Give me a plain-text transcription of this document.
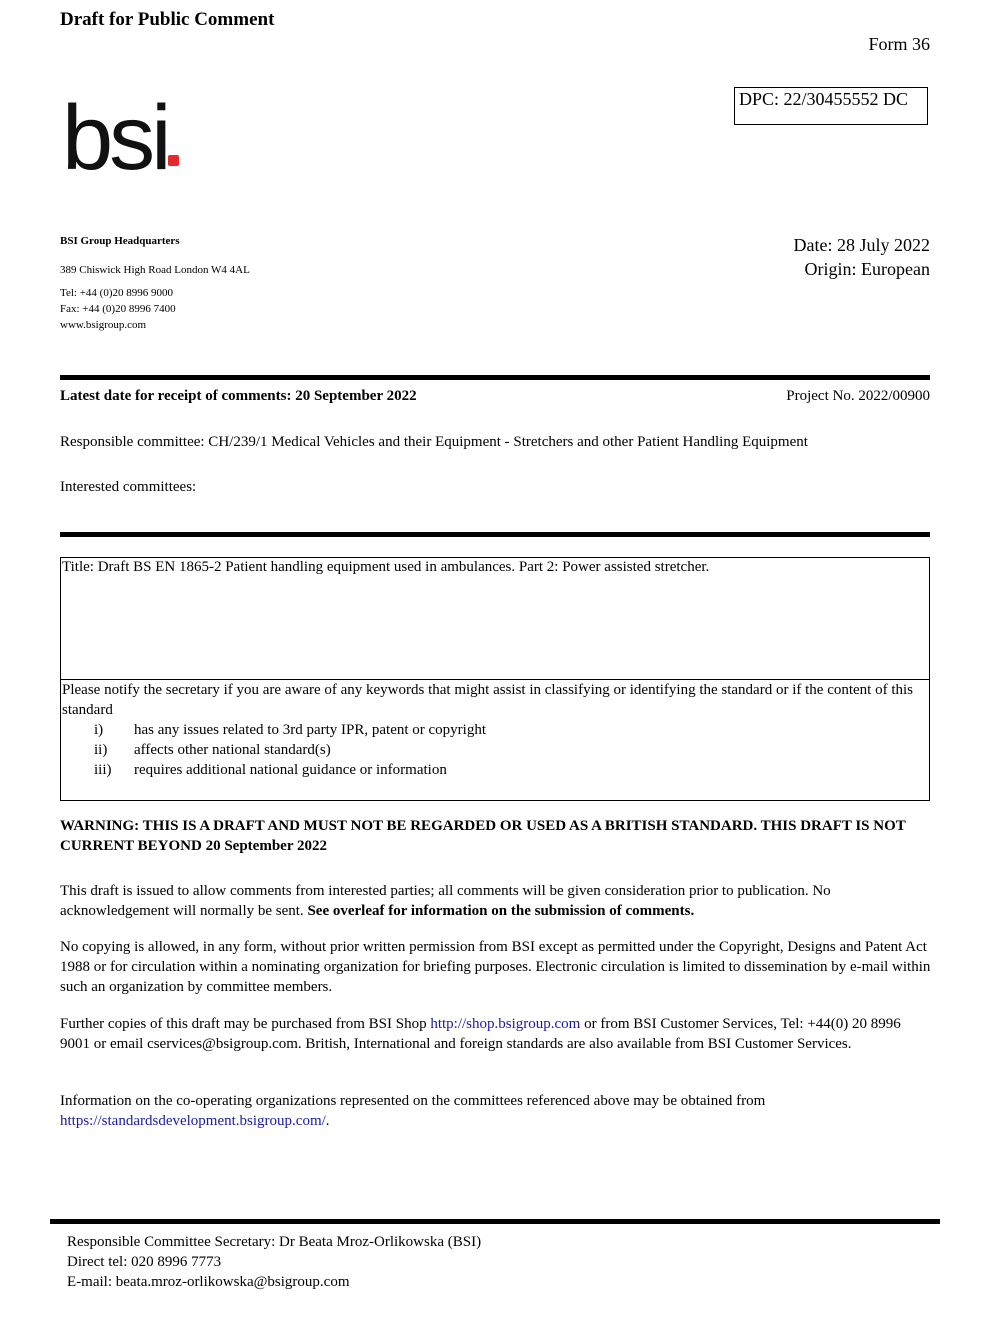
Draft for Public Comment
Form 36
DPC: 22/30455552 DC
bsi
BSI Group Headquarters
389 Chiswick High Road London W4 4AL
Tel: +44 (0)20 8996 9000
Fax: +44 (0)20 8996 7400
www.bsigroup.com
Date: 28 July 2022
Origin: European
Latest date for receipt of comments: 20 September 2022	Project No. 2022/00900
Responsible committee: CH/239/1 Medical Vehicles and their Equipment - Stretchers and other Patient Handling Equipment
Interested committees:
Title: Draft BS EN 1865-2 Patient handling equipment used in ambulances. Part 2: Power assisted stretcher.
Please notify the secretary if you are aware of any keywords that might assist in classifying or identifying the standard or if the content of this standard
i)	has any issues related to 3rd party IPR, patent or copyright
ii)	affects other national standard(s)
iii)	requires additional national guidance or information
WARNING: THIS IS A DRAFT AND MUST NOT BE REGARDED OR USED AS A BRITISH STANDARD. THIS DRAFT IS NOT CURRENT BEYOND 20 September 2022
This draft is issued to allow comments from interested parties; all comments will be given consideration prior to publication. No acknowledgement will normally be sent. See overleaf for information on the submission of comments.
No copying is allowed, in any form, without prior written permission from BSI except as permitted under the Copyright, Designs and Patent Act 1988 or for circulation within a nominating organization for briefing purposes. Electronic circulation is limited to dissemination by e-mail within such an organization by committee members.
Further copies of this draft may be purchased from BSI Shop http://shop.bsigroup.com or from BSI Customer Services, Tel: +44(0) 20 8996 9001 or email cservices@bsigroup.com. British, International and foreign standards are also available from BSI Customer Services.
Information on the co-operating organizations represented on the committees referenced above may be obtained from https://standardsdevelopment.bsigroup.com/.
Responsible Committee Secretary: Dr Beata Mroz-Orlikowska (BSI)
Direct tel: 020 8996 7773
E-mail: beata.mroz-orlikowska@bsigroup.com
